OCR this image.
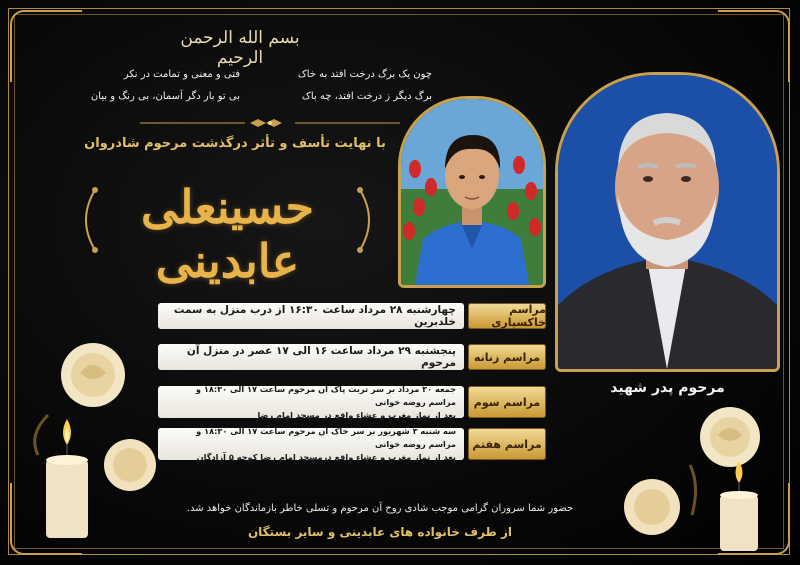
بسم الله الرحمن الرحیم
چون یک برگ درخت افتد به خاک
برگ دیگر ز درخت افتد، چه باک
فتی و معنی و تمامت در نکر
بی تو بار دگر آسمان، بی رنگ و بیان
با نهایت تأسف و تأثر درگذشت مرحوم شادروان
حسینعلی عابدینی
مرحوم پدر شهید
چهارشنبه ۲۸ مرداد ساعت ۱۶:۳۰ از درب منزل به سمت خلدبرین
مراسم خاکسپاری
پنجشنبه ۲۹ مرداد ساعت ۱۶ الی ۱۷ عصر در منزل آن مرحوم	مراسم زنانه
جمعه ۳۰ مرداد بر سر تربت پاک آن مرحوم ساعت ۱۷ الی ۱۸:۳۰ و مراسم روضه خوانی
بعد از نماز مغرب و عشاء واقع در مسجد امام رضا
مراسم سوم
سه شنبه ۳ شهریور بر سر خاک آن مرحوم ساعت ۱۷ الی ۱۸:۳۰ و مراسم روضه خوانی
بعد از نماز مغرب و عشاء واقع درمسجد امام رضا کوچه ۵ آزادگان
مراسم هفتم
حضور شما سروران گرامی موجب شادی روح آن مرحوم و تسلی خاطر بازماندگان خواهد شد.
از طرف خانواده های عابدینی و سایر بستگان
